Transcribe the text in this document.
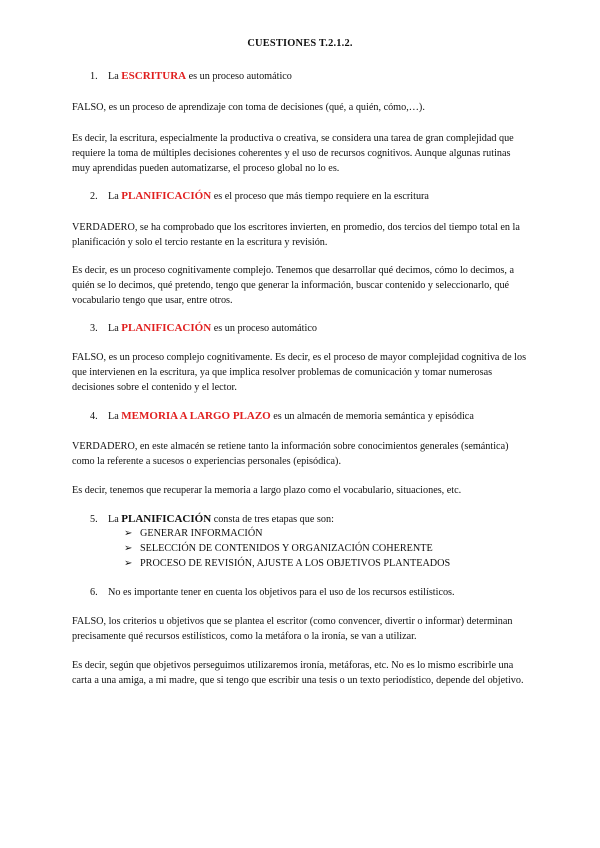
CUESTIONES T.2.1.2.
1. La ESCRITURA es un proceso automático
FALSO, es un proceso de aprendizaje con toma de decisiones (qué, a quién, cómo,…).
Es decir, la escritura, especialmente la productiva o creativa, se considera una tarea de gran complejidad que requiere la toma de múltiples decisiones coherentes y el uso de recursos cognitivos. Aunque algunas rutinas muy aprendidas pueden automatizarse, el proceso global no lo es.
2. La PLANIFICACIÓN es el proceso que más tiempo requiere en la escritura
VERDADERO, se ha comprobado que los escritores invierten, en promedio, dos tercios del tiempo total en la planificación y solo el tercio restante en la escritura y revisión.
Es decir, es un proceso cognitivamente complejo. Tenemos que desarrollar qué decimos, cómo lo decimos, a quién se lo decimos, qué pretendo, tengo que generar la información, buscar contenido y seleccionarlo, qué vocabulario tengo que usar, entre otros.
3. La PLANIFICACIÓN es un proceso automático
FALSO, es un proceso complejo cognitivamente. Es decir, es el proceso de mayor complejidad cognitiva de los que intervienen en la escritura, ya que implica resolver problemas de comunicación y tomar numerosas decisiones sobre el contenido y el lector.
4. La MEMORIA A LARGO PLAZO es un almacén de memoria semántica y episódica
VERDADERO, en este almacén se retiene tanto la información sobre conocimientos generales (semántica) como la referente a sucesos o experiencias personales (episódica).
Es decir, tenemos que recuperar la memoria a largo plazo como el vocabulario, situaciones, etc.
5. La PLANIFICACIÓN consta de tres etapas que son:
➢ GENERAR INFORMACIÓN
➢ SELECCIÓN DE CONTENIDOS Y ORGANIZACIÓN COHERENTE
➢ PROCESO DE REVISIÓN, AJUSTE A LOS OBJETIVOS PLANTEADOS
6. No es importante tener en cuenta los objetivos para el uso de los recursos estilísticos.
FALSO, los criterios u objetivos que se plantea el escritor (como convencer, divertir o informar) determinan precisamente qué recursos estilísticos, como la metáfora o la ironía, se van a utilizar.
Es decir, según que objetivos perseguimos utilizaremos ironía, metáforas, etc. No es lo mismo escribirle una carta a una amiga, a mi madre, que si tengo que escribir una tesis o un texto periodístico, depende del objetivo.
